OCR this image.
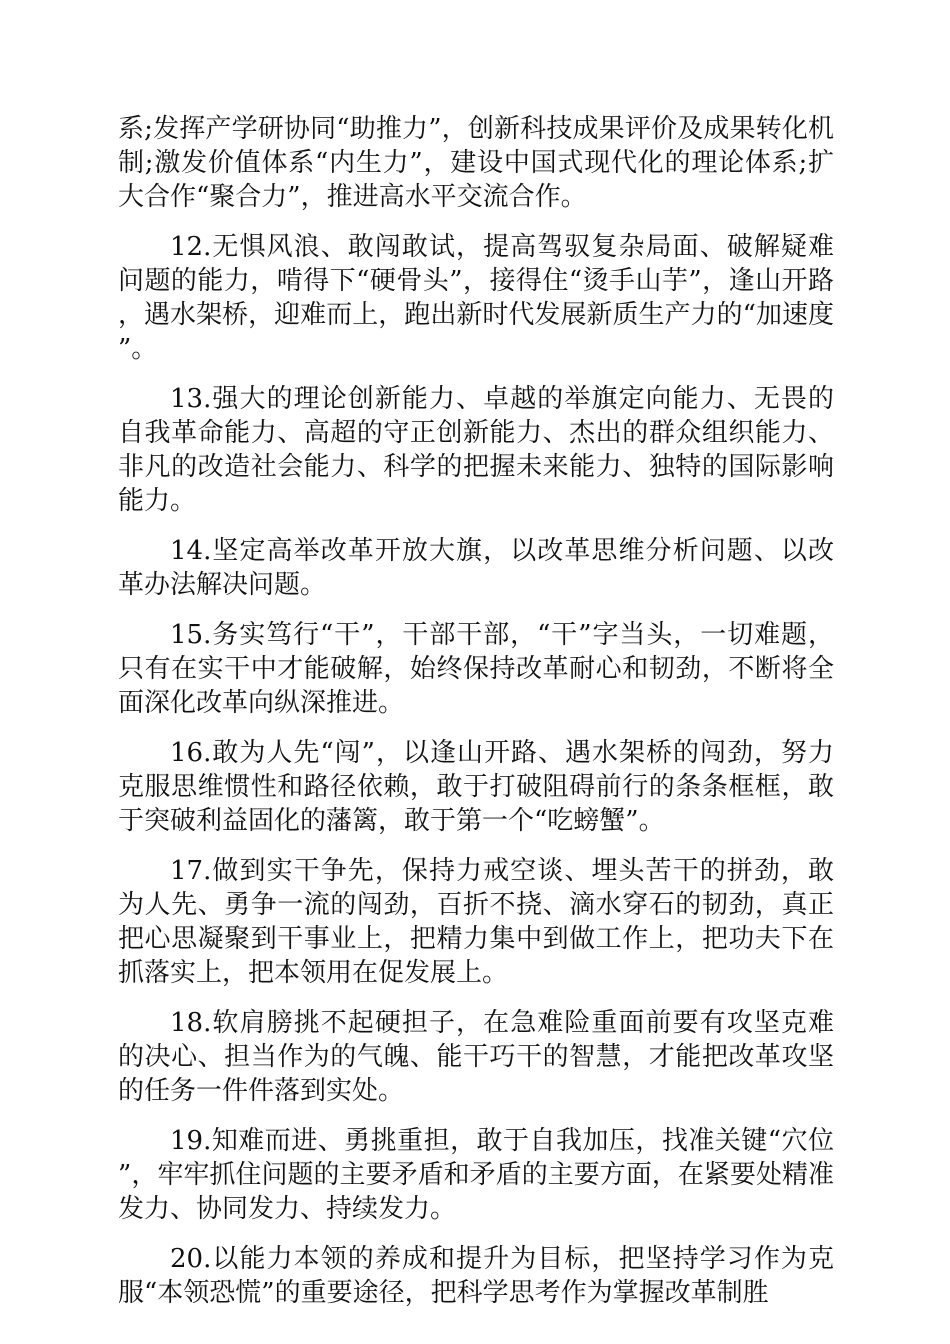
系;发挥产学研协同“助推力”，创新科技成果评价及成果转化机制;激发价值体系“内生力”，建设中国式现代化的理论体系;扩大合作“聚合力”，推进高水平交流合作。

12.无惧风浪、敢闯敢试，提高驾驭复杂局面、破解疑难问题的能力，啃得下“硬骨头”，接得住“烫手山芋”，逢山开路，遇水架桥，迎难而上，跑出新时代发展新质生产力的“加速度”。

13.强大的理论创新能力、卓越的举旗定向能力、无畏的自我革命能力、高超的守正创新能力、杰出的群众组织能力、非凡的改造社会能力、科学的把握未来能力、独特的国际影响能力。

14.坚定高举改革开放大旗，以改革思维分析问题、以改革办法解决问题。

15.务实笃行“干”，干部干部，“干”字当头，一切难题，只有在实干中才能破解，始终保持改革耐心和韧劲，不断将全面深化改革向纵深推进。

16.敢为人先“闯”，以逢山开路、遇水架桥的闯劲，努力克服思维惯性和路径依赖，敢于打破阻碍前行的条条框框，敢于突破利益固化的藩篱，敢于第一个“吃螃蟹”。

17.做到实干争先，保持力戒空谈、埋头苦干的拼劲，敢为人先、勇争一流的闯劲，百折不挠、滴水穿石的韧劲，真正把心思凝聚到干事业上，把精力集中到做工作上，把功夫下在抓落实上，把本领用在促发展上。

18.软肩膀挑不起硬担子，在急难险重面前要有攻坚克难的决心、担当作为的气魄、能干巧干的智慧，才能把改革攻坚的任务一件件落到实处。

19.知难而进、勇挑重担，敢于自我加压，找准关键“穴位”，牢牢抓住问题的主要矛盾和矛盾的主要方面，在紧要处精准发力、协同发力、持续发力。

20.以能力本领的养成和提升为目标，把坚持学习作为克服“本领恐慌”的重要途径，把科学思考作为掌握改革制胜
